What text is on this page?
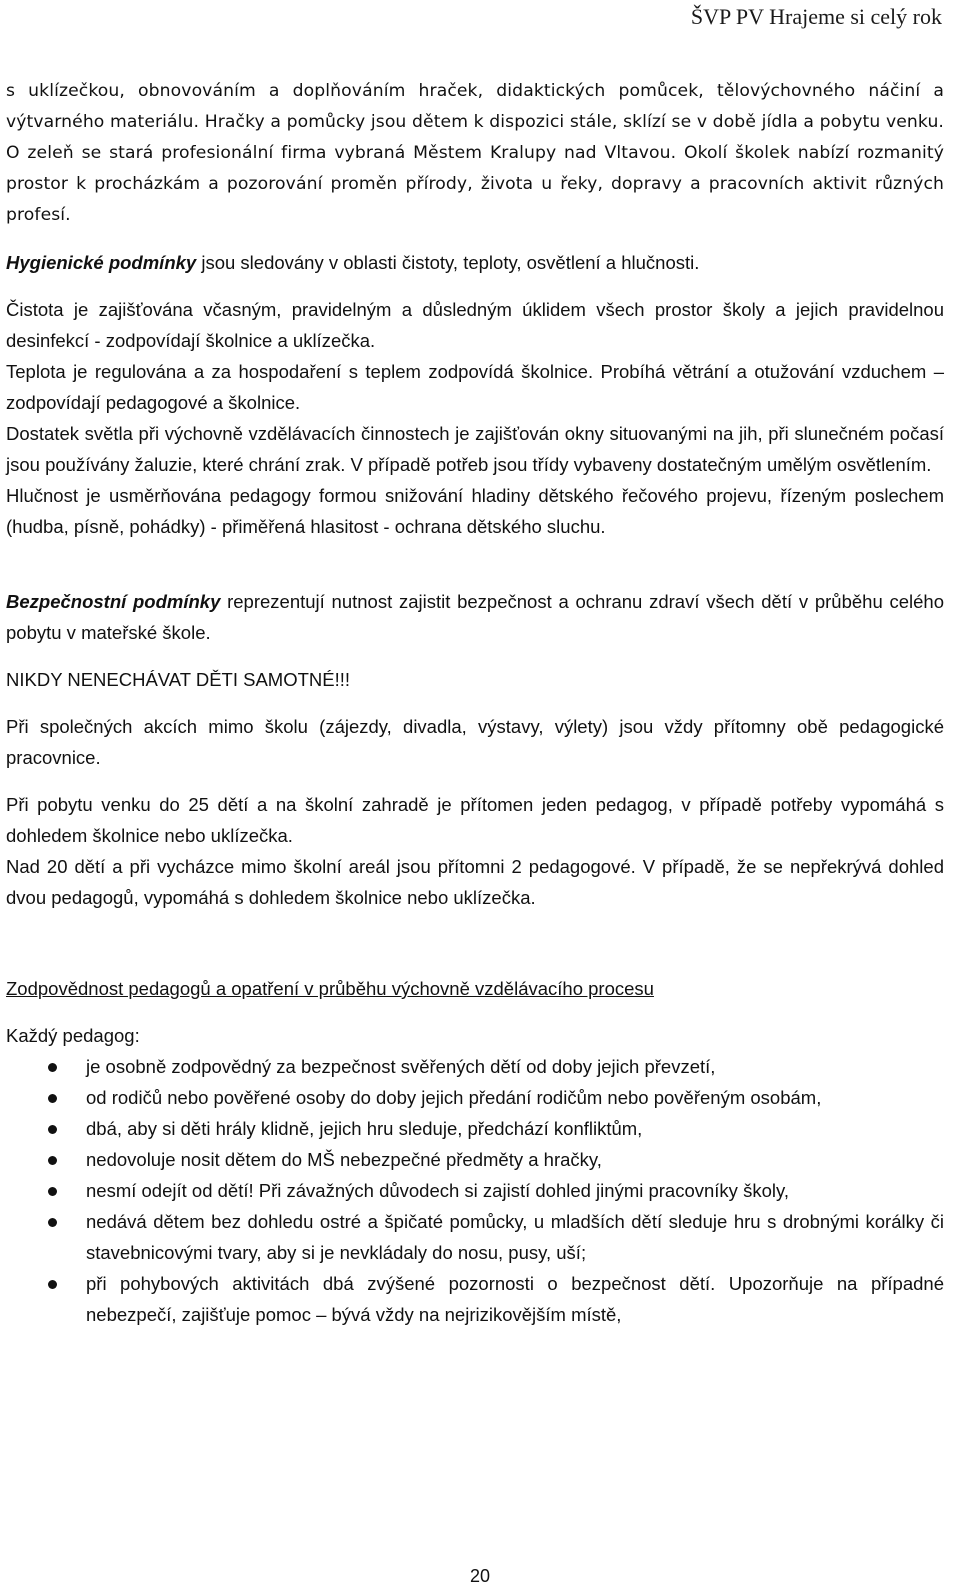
ŠVP PV Hrajeme si celý rok

s uklízečkou, obnovováním a doplňováním hraček, didaktických pomůcek, tělovýchovného náčiní a výtvarného materiálu. Hračky a pomůcky jsou dětem k dispozici stále, sklízí se v době jídla a pobytu venku. O zeleň se stará profesionální firma vybraná Městem Kralupy nad Vltavou. Okolí školek nabízí rozmanitý prostor k procházkám a pozorování proměn přírody, života u řeky, dopravy a pracovních aktivit různých profesí.

Hygienické podmínky jsou sledovány v oblasti čistoty, teploty, osvětlení a hlučnosti.

Čistota je zajišťována včasným, pravidelným a důsledným úklidem všech prostor školy a jejich pravidelnou desinfekcí - zodpovídají školnice a uklízečka.

Teplota je regulována a za hospodaření s teplem zodpovídá školnice. Probíhá větrání a otužování vzduchem – zodpovídají pedagogové a školnice.

Dostatek světla při výchovně vzdělávacích činnostech je zajišťován okny situovanými na jih, při slunečném počasí jsou používány žaluzie, které chrání zrak. V případě potřeb jsou třídy vybaveny dostatečným umělým osvětlením.

Hlučnost je usměrňována pedagogy formou snižování hladiny dětského řečového projevu, řízeným poslechem (hudba, písně, pohádky) - přiměřená hlasitost - ochrana dětského sluchu.

Bezpečnostní podmínky reprezentují nutnost zajistit bezpečnost a ochranu zdraví všech dětí v průběhu celého pobytu v mateřské škole.

NIKDY NENECHÁVAT DĚTI SAMOTNÉ!!!

Při společných akcích mimo školu (zájezdy, divadla, výstavy, výlety) jsou vždy přítomny obě pedagogické pracovnice.

Při pobytu venku do 25 dětí a na školní zahradě je přítomen jeden pedagog, v případě potřeby vypomáhá s dohledem školnice nebo uklízečka.

Nad 20 dětí a při vycházce mimo školní areál jsou přítomni 2 pedagogové. V případě, že se nepřekrývá dohled dvou pedagogů, vypomáhá s dohledem školnice nebo uklízečka.

Zodpovědnost pedagogů a opatření v průběhu výchovně vzdělávacího procesu

Každý pedagog:

je osobně zodpovědný za bezpečnost svěřených dětí od doby jejich převzetí,
od rodičů nebo pověřené osoby do doby jejich předání rodičům nebo pověřeným osobám,
dbá, aby si děti hrály klidně, jejich hru sleduje, předchází konfliktům,
nedovoluje nosit dětem do MŠ nebezpečné předměty a hračky,
nesmí odejít od dětí! Při závažných důvodech si zajistí dohled jinými pracovníky školy,
nedává dětem bez dohledu ostré a špičaté pomůcky, u mladších dětí sleduje hru s drobnými korálky či stavebnicovými tvary, aby si je nevkládaly do nosu, pusy, uší;
při pohybových aktivitách dbá zvýšené pozornosti o bezpečnost dětí. Upozorňuje na případné nebezpečí, zajišťuje pomoc – bývá vždy na nejrizikovějším místě,
20
